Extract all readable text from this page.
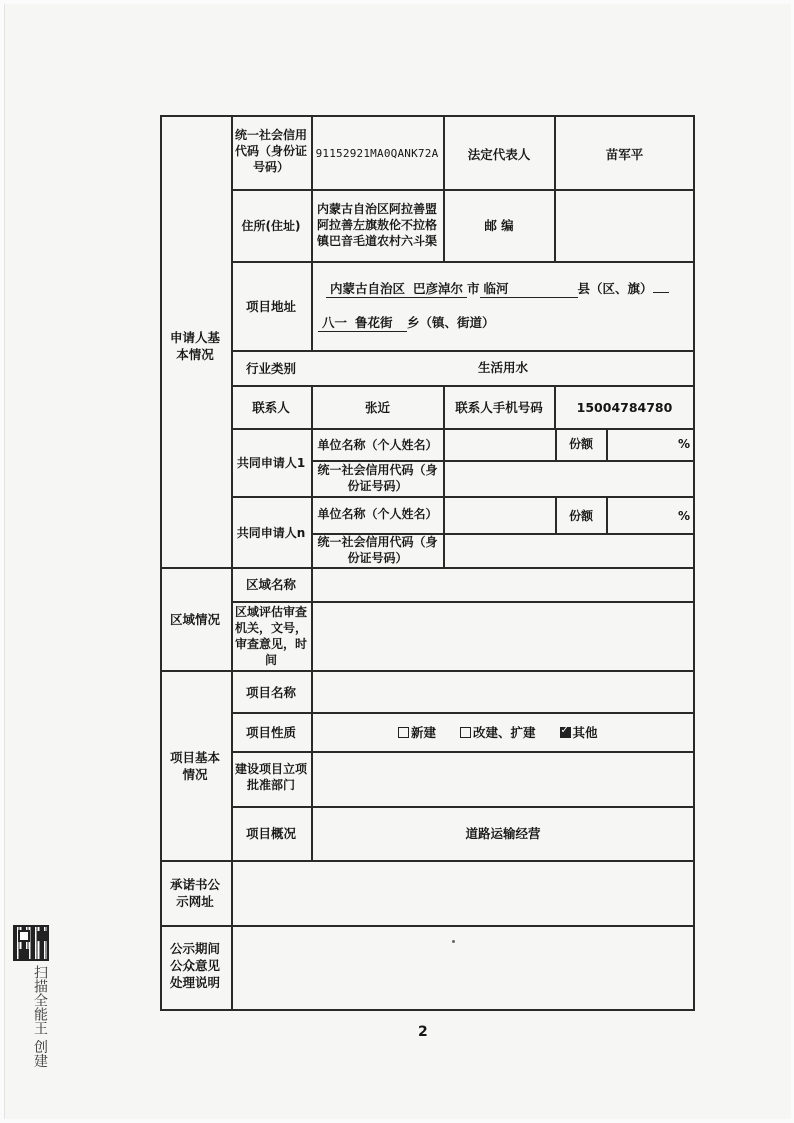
申请人基本情况
区域情况
项目基本情况
承诺书公示网址
公示期间公众意见处理说明
统一社会信用代码（身份证号码）
91152921MA0QANK72A	法定代表人	苗军平
住所(住址)
内蒙古自治区阿拉善盟阿拉善左旗敖伦不拉格镇巴音毛道农村六斗渠
邮 编
项目地址
内蒙古自治区 巴彦淖尔 市 临河	县（区、旗）
八一 鲁花街 乡（镇、街道）
行业类别	生活用水
联系人	张近	联系人手机号码	15004784780
共同申请人1
单位名称（个人姓名）	份额	%
统一社会信用代码（身份证号码）
共同申请人n
单位名称（个人姓名）	份额	%
统一社会信用代码（身份证号码）
区域名称
区域评估审查机关，文号，审查意见，时间
项目名称
项目性质	新建	改建、扩建
✓	其他
建设项目立项批准部门
项目概况	道路运输经营
2
扫描全能王 创建
